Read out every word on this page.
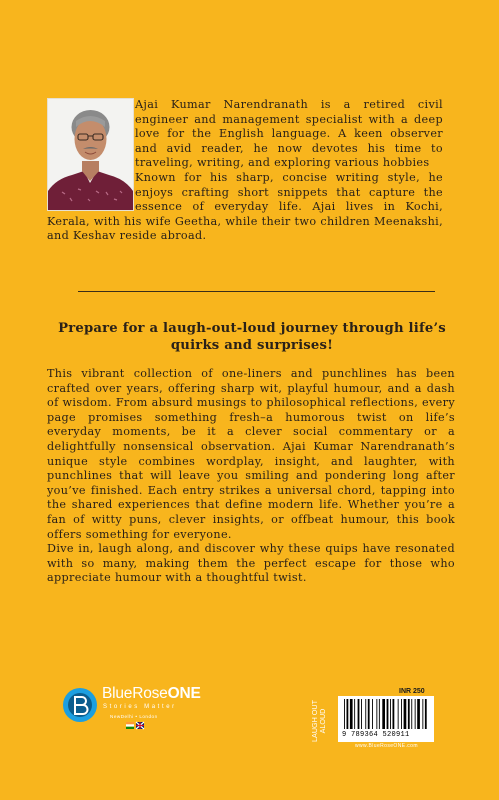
Ajai Kumar Narendranath is a retired civil engineer and management specialist with a deep love for the English language. A keen observer and avid reader, he now devotes his time to traveling, writing, and exploring various hobbies

Known for his sharp, concise writing style, he enjoys crafting short snippets that capture the essence of everyday life. Ajai lives in Kochi, Kerala, with his wife Geetha, while their two children Meenakshi, and Keshav reside abroad.

Prepare for a laugh-out-loud journey through life’s quirks and surprises!

This vibrant collection of one-liners and punchlines has been crafted over years, offering sharp wit, playful humour, and a dash of wisdom. From absurd musings to philosophical reflections, every page promises something fresh–a humorous twist on life’s everyday moments, be it a clever social commentary or a delightfully nonsensical observation. Ajai Kumar Narendranath’s unique style combines wordplay, insight, and laughter, with punchlines that will leave you smiling and pondering long after you’ve finished. Each entry strikes a universal chord, tapping into the shared experiences that define modern life. Whether you’re a fan of witty puns, clever insights, or offbeat humour, this book offers something for everyone.

Dive in, laugh along, and discover why these quips have resonated with so many, making them the perfect escape for those who appreciate humour with a thoughtful twist.

BlueRoseONE
Stories Matter
NewDelhi • London	LAUGH OUT ALOUD
INR 250
9 789364 520911
www.BlueRoseONE.com
